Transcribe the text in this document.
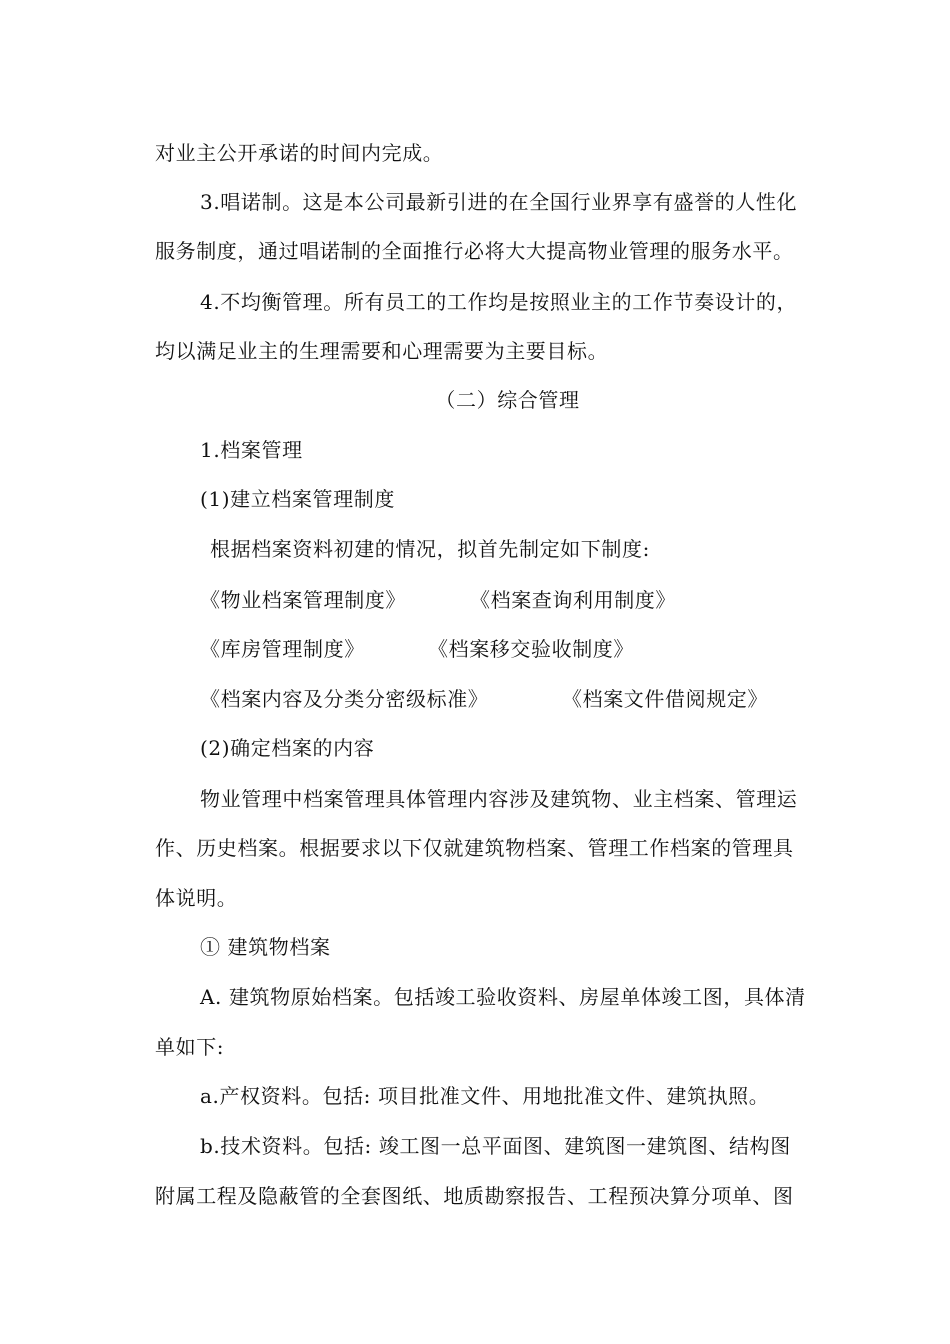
对业主公开承诺的时间内完成。
3.唱诺制。这是本公司最新引进的在全国行业界享有盛誉的人性化
服务制度，通过唱诺制的全面推行必将大大提高物业管理的服务水平。
4.不均衡管理。所有员工的工作均是按照业主的工作节奏设计的，
均以满足业主的生理需要和心理需要为主要目标。
（二）综合管理
1.档案管理
(1)建立档案管理制度
根据档案资料初建的情况，拟首先制定如下制度:
《物业档案管理制度》	《档案查询利用制度》
《库房管理制度》	《档案移交验收制度》
《档案内容及分类分密级标准》	《档案文件借阅规定》
(2)确定档案的内容
物业管理中档案管理具体管理内容涉及建筑物、业主档案、管理运
作、历史档案。根据要求以下仅就建筑物档案、管理工作档案的管理具
体说明。
① 建筑物档案
A. 建筑物原始档案。包括竣工验收资料、房屋单体竣工图，具体清
单如下:
a.产权资料。包括: 项目批准文件、用地批准文件、建筑执照。
b.技术资料。包括: 竣工图一总平面图、建筑图一建筑图、结构图
附属工程及隐蔽管的全套图纸、地质勘察报告、工程预决算分项单、图
